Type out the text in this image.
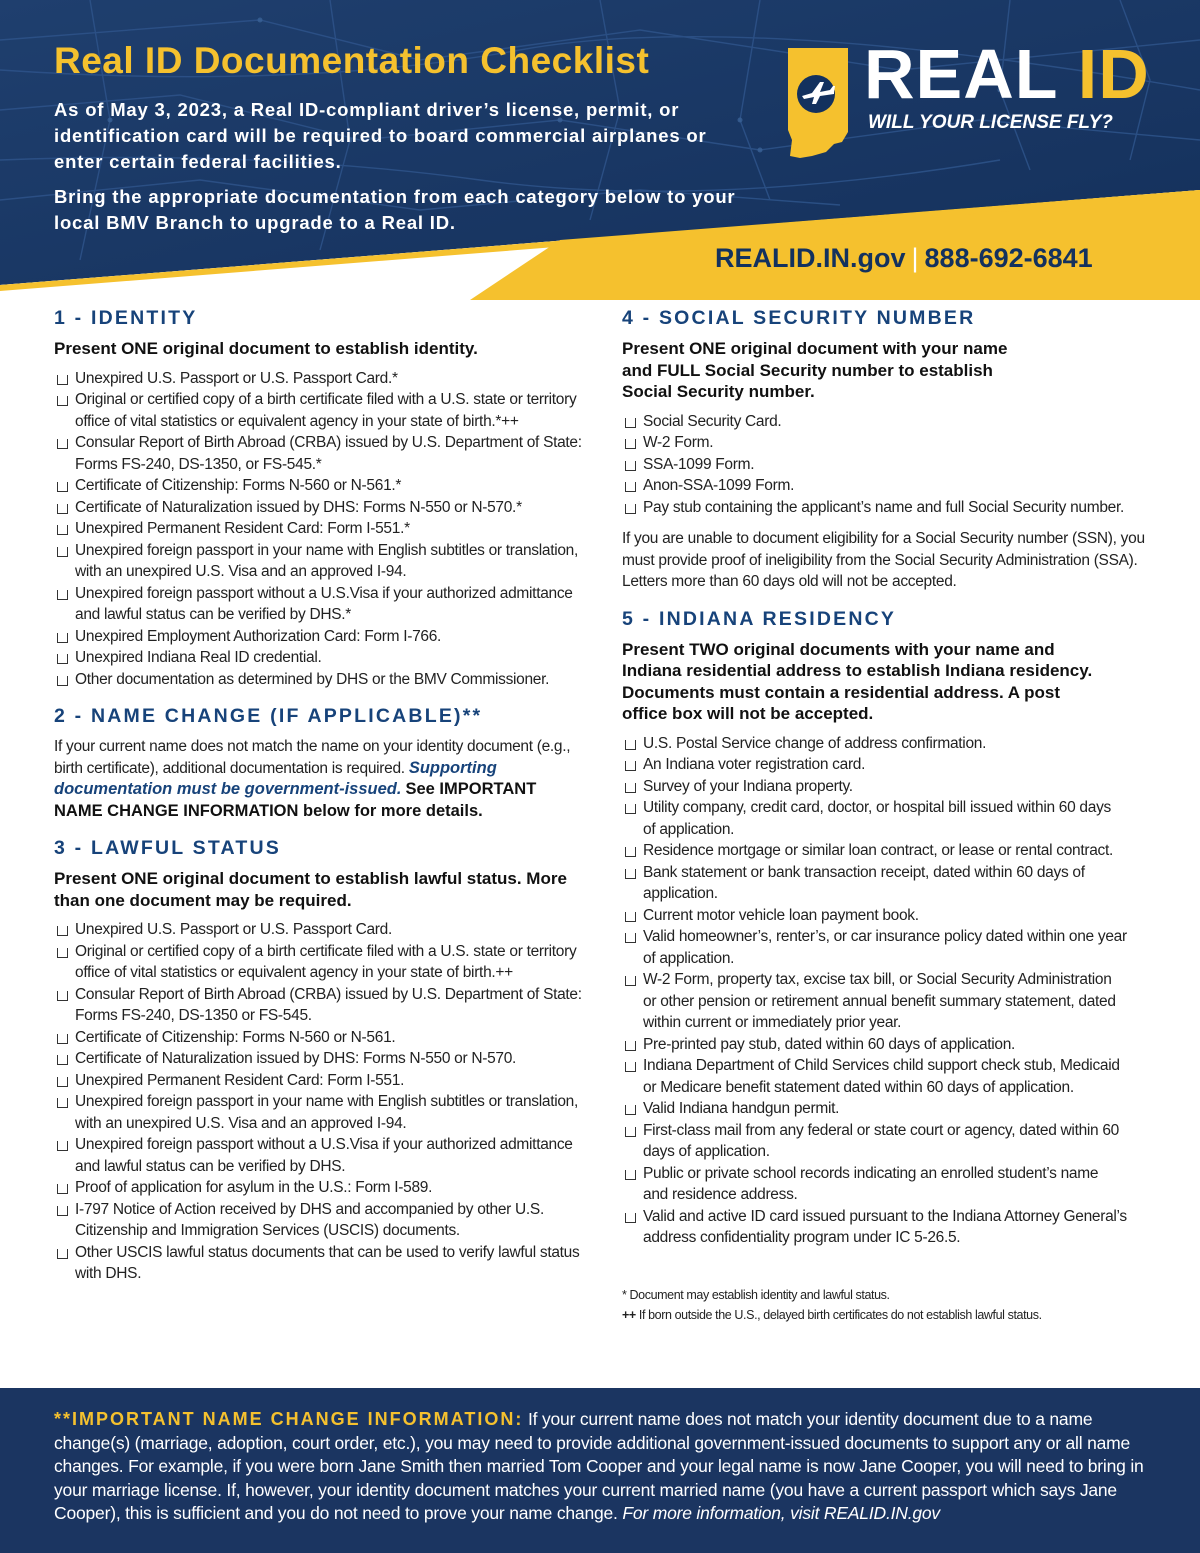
Real ID Documentation Checklist

As of May 3, 2023, a Real ID-compliant driver’s license, permit, or identification card will be required to board commercial airplanes or enter certain federal facilities.

Bring the appropriate documentation from each category below to your local BMV Branch to upgrade to a Real ID.

REAL ID
WILL YOUR LICENSE FLY?
REALID.IN.gov | 888-692-6841
1 - IDENTITY
Present ONE original document to establish identity.
Unexpired U.S. Passport or U.S. Passport Card.*
Original or certified copy of a birth certificate filed with a U.S. state or territory office of vital statistics or equivalent agency in your state of birth.*++
Consular Report of Birth Abroad (CRBA) issued by U.S. Department of State: Forms FS-240, DS-1350, or FS-545.*
Certificate of Citizenship: Forms N-560 or N-561.*
Certificate of Naturalization issued by DHS: Forms N-550 or N-570.*
Unexpired Permanent Resident Card: Form I-551.*
Unexpired foreign passport in your name with English subtitles or translation, with an unexpired U.S. Visa and an approved I-94.
Unexpired foreign passport without a U.S.Visa if your authorized admittance and lawful status can be verified by DHS.*
Unexpired Employment Authorization Card: Form I-766.
Unexpired Indiana Real ID credential.
Other documentation as determined by DHS or the BMV Commissioner.
2 - NAME CHANGE (IF APPLICABLE)**

If your current name does not match the name on your identity document (e.g., birth certificate), additional documentation is required. Supporting documentation must be government-issued. See IMPORTANT NAME CHANGE INFORMATION below for more details.

3 - LAWFUL STATUS
Present ONE original document to establish lawful status. More than one document may be required.
Unexpired U.S. Passport or U.S. Passport Card.
Original or certified copy of a birth certificate filed with a U.S. state or territory office of vital statistics or equivalent agency in your state of birth.++
Consular Report of Birth Abroad (CRBA) issued by U.S. Department of State: Forms FS-240, DS-1350 or FS-545.
Certificate of Citizenship: Forms N-560 or N-561.
Certificate of Naturalization issued by DHS: Forms N-550 or N-570.
Unexpired Permanent Resident Card: Form I-551.
Unexpired foreign passport in your name with English subtitles or translation, with an unexpired U.S. Visa and an approved I-94.
Unexpired foreign passport without a U.S.Visa if your authorized admittance and lawful status can be verified by DHS.
Proof of application for asylum in the U.S.: Form I-589.
I-797 Notice of Action received by DHS and accompanied by other U.S. Citizenship and Immigration Services (USCIS) documents.
Other USCIS lawful status documents that can be used to verify lawful status with DHS.
4 - SOCIAL SECURITY NUMBER
Present ONE original document with your name and FULL Social Security number to establish Social Security number.
Social Security Card.
W-2 Form.
SSA-1099 Form.
Anon-SSA-1099 Form.
Pay stub containing the applicant’s name and full Social Security number.

If you are unable to document eligibility for a Social Security number (SSN), you must provide proof of ineligibility from the Social Security Administration (SSA). Letters more than 60 days old will not be accepted.

5 - INDIANA RESIDENCY
Present TWO original documents with your name and Indiana residential address to establish Indiana residency. Documents must contain a residential address. A post office box will not be accepted.
U.S. Postal Service change of address confirmation.
An Indiana voter registration card.
Survey of your Indiana property.
Utility company, credit card, doctor, or hospital bill issued within 60 days of application.
Residence mortgage or similar loan contract, or lease or rental contract.
Bank statement or bank transaction receipt, dated within 60 days of application.
Current motor vehicle loan payment book.
Valid homeowner’s, renter’s, or car insurance policy dated within one year of application.
W-2 Form, property tax, excise tax bill, or Social Security Administration or other pension or retirement annual benefit summary statement, dated within current or immediately prior year.
Pre-printed pay stub, dated within 60 days of application.
Indiana Department of Child Services child support check stub, Medicaid or Medicare benefit statement dated within 60 days of application.
Valid Indiana handgun permit.
First-class mail from any federal or state court or agency, dated within 60 days of application.
Public or private school records indicating an enrolled student’s name and residence address.
Valid and active ID card issued pursuant to the Indiana Attorney General’s address confidentiality program under IC 5-26.5.

* Document may establish identity and lawful status.

++ If born outside the U.S., delayed birth certificates do not establish lawful status.

**IMPORTANT NAME CHANGE INFORMATION: If your current name does not match your identity document due to a name change(s) (marriage, adoption, court order, etc.), you may need to provide additional government-issued documents to support any or all name changes. For example, if you were born Jane Smith then married Tom Cooper and your legal name is now Jane Cooper, you will need to bring in your marriage license. If, however, your identity document matches your current married name (you have a current passport which says Jane Cooper), this is sufficient and you do not need to prove your name change. For more information, visit REALID.IN.gov
